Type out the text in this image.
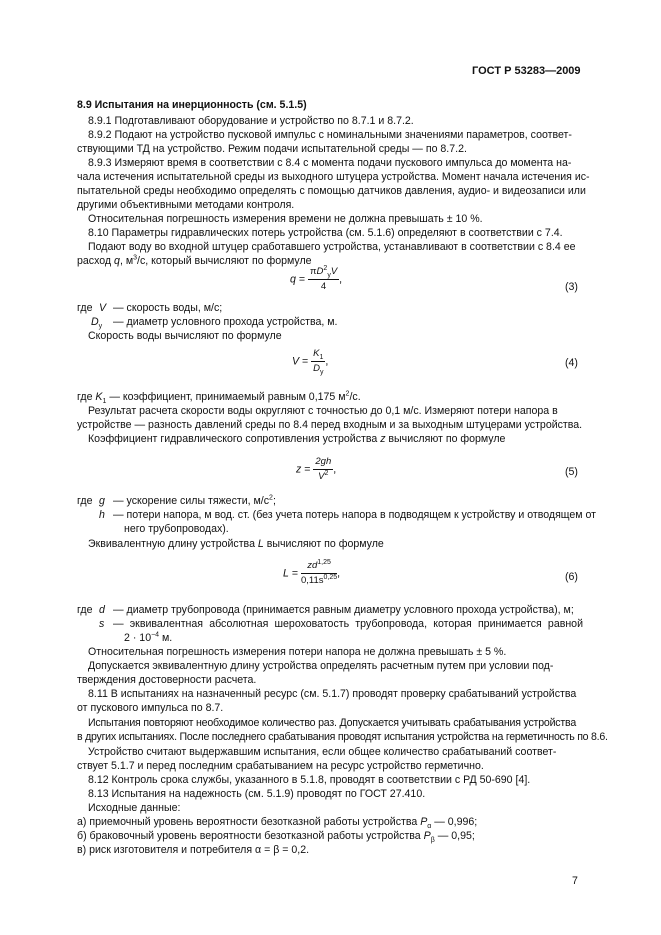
ГОСТ Р 53283—2009
8.9 Испытания на инерционность (см. 5.1.5)
8.9.1 Подготавливают оборудование и устройство по 8.7.1 и 8.7.2.
8.9.2 Подают на устройство пусковой импульс с номинальными значениями параметров, соответ-
ствующими ТД на устройство. Режим подачи испытательной среды — по 8.7.2.
8.9.3 Измеряют время в соответствии с 8.4 с момента подачи пускового импульса до момента на-
чала истечения испытательной среды из выходного штуцера устройства. Момент начала истечения ис-
пытательной среды необходимо определять с помощью датчиков давления, аудио- и видеозаписи или
другими объективными методами контроля.
Относительная погрешность измерения времени не должна превышать ± 10 %.
8.10 Параметры гидравлических потерь устройства (см. 5.1.6) определяют в соответствии с 7.4.
Подают воду во входной штуцер сработавшего устройства, устанавливают в соответствии с 8.4 ее
расход q, $м^3/с$, который вычисляют по формуле
$q = \frac{\pi D^2_уV}{4}$ ,
(3)
где V — скорость воды, м/с;
$D_у$ — диаметр условного прохода устройства, м.
Скорость воды вычисляют по формуле
$V = \frac{K_1}{D_у}$ ,	(4)
где $K_1$ — коэффициент, принимаемый равным 0,175 $м^2/с$.
Результат расчета скорости воды округляют с точностью до 0,1 м/с. Измеряют потери напора в
устройстве — разность давлений среды по 8.4 перед входным и за выходным штуцерами устройства.
Коэффициент гидравлического сопротивления устройства z вычисляют по формуле
$z = \frac{2gh}{V^2}$ ,	(5)
где g — ускорение силы тяжести, $м/с^2$;
h — потери напора, м вод. ст. (без учета потерь напора в подводящем к устройству и отводящем от
него трубопроводах).
Эквивалентную длину устройства L вычисляют по формуле
$L = \frac{zd^{1,25}}{0,11s^{0,25}}$ ,	(6)
где d — диаметр трубопровода (принимается равным диаметру условного прохода устройства), м;
s — эквивалентная абсолютная шероховатость трубопровода, которая принимается равной
$2 \cdot 10^{-4}$ м.
Относительная погрешность измерения потери напора не должна превышать ± 5 %.
Допускается эквивалентную длину устройства определять расчетным путем при условии под-
тверждения достоверности расчета.
8.11 В испытаниях на назначенный ресурс (см. 5.1.7) проводят проверку срабатываний устройства
от пускового импульса по 8.7.
Испытания повторяют необходимое количество раз. Допускается учитывать срабатывания устройства
в других испытаниях. После последнего срабатывания проводят испытания устройства на герметичность по 8.6.
Устройство считают выдержавшим испытания, если общее количество срабатываний соответ-
ствует 5.1.7 и перед последним срабатыванием на ресурс устройство герметично.
8.12 Контроль срока службы, указанного в 5.1.8, проводят в соответствии с РД 50-690 [4].
8.13 Испытания на надежность (см. 5.1.9) проводят по ГОСТ 27.410.
Исходные данные:
а) приемочный уровень вероятности безотказной работы устройства $P_\alpha$ — 0,996;
б) браковочный уровень вероятности безотказной работы устройства $P_\beta$ — 0,95;
в) риск изготовителя и потребителя α = β = 0,2.
7
